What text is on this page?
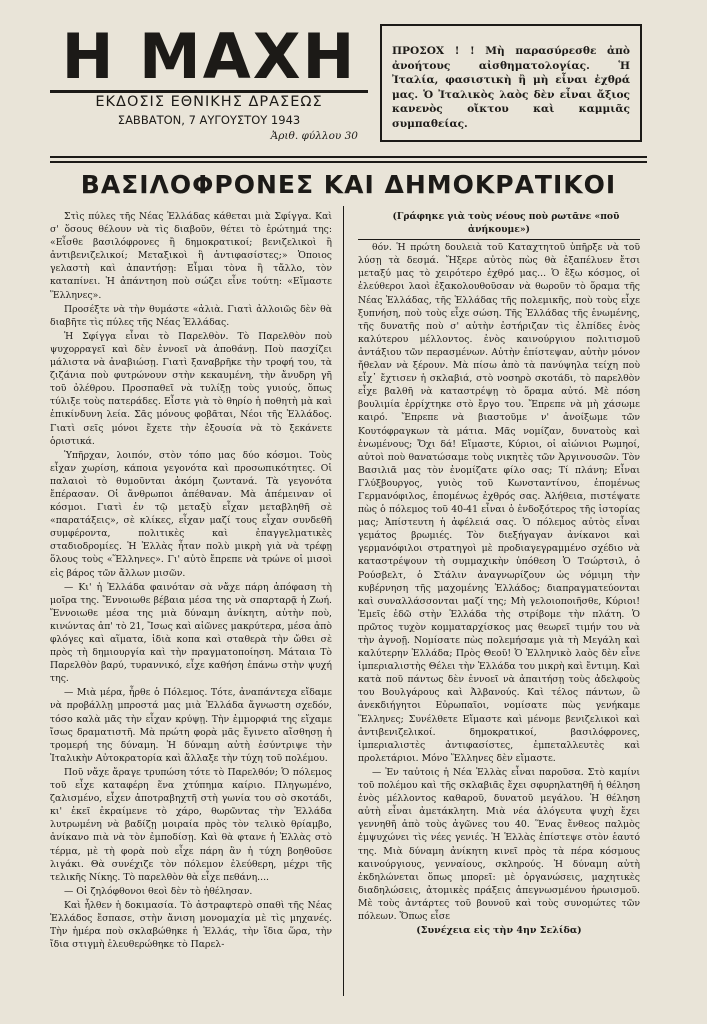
Η ΜΑΧΗ
ΕΚΔΟΣΙΣ ΕΘΝΙΚΗΣ ΔΡΑΣΕΩΣ
ΣΑΒΒΑΤΟΝ, 7 ΑΥΓΟΥΣΤΟΥ 1943
Ἀριθ. φύλλου 30
ΠΡΟΣΟΧ ! ! Μὴ παρασύρεσθε ἀπὸ ἀνοήτους αἰσθηματολογίας. Ἡ Ἰταλία, φασιστικὴ ἢ μὴ εἶναι ἐχθρά μας. Ὁ Ἰταλικὸς λαὸς δὲν εἶναι ἄξιος κανενὸς οἴκτου καὶ καμμιᾶς συμπαθείας.
ΒΑΣΙΛΟΦΡΟΝΕΣ ΚΑΙ ΔΗΜΟΚΡΑΤΙΚΟΙ

Στὶς πύλες τῆς Νέας Ἑλλάδας κάθεται μιὰ Σφίγγα. Καὶ σ' ὅσους θέλουν νὰ τὶς διαβοῦν, θέτει τὸ ἐρώτημά της: «Εἶσθε βασιλόφρονες ἢ δημοκρατικοί; βενιζελικοὶ ἢ ἀντιβενιζελικοί; Μεταξικοὶ ἢ ἀντιφασίστες;» Ὁποιος γελαστὴ καὶ ἀπαντήσῃ: Εἶμαι τὸνα ἢ τἄλλο, τὸν καταπίνει. Ἡ ἀπάντηση ποὺ σώζει εἶνε τούτη: «Εἴμαστε Ἕλληνες».

Προσέξτε νὰ τὴν θυμάστε «ἀλιὰ. Γιατὶ ἀλλοιῶς δὲν θὰ διαβῆτε τὶς πύλες τῆς Νέας Ἑλλάδας.

Ἡ Σφίγγα εἶναι τὸ Παρελθὸν. Τὸ Παρελθὸν ποὺ ψυχορραγεῖ καὶ δὲν ἐννοεῖ νὰ ἀποθάνῃ. Ποὺ πασχίζει μάλιστα νὰ ἀναβιώσῃ. Γιατὶ ξαναβρῆκε τὴν τροφή του, τὰ ζιζάνια ποὺ φυτρώνουν στὴν κεκαυμένη, τὴν ἄνυδρη γῆ τοῦ ὀλέθρου. Προσπαθεῖ νὰ τυλίξῃ τοὺς γυιούς, ὅπως τύλιξε τοὺς πατεράδες. Εἶστε γιὰ τὸ θηρίο ἡ ποθητὴ μὰ καὶ ἐπικίνδυνη λεία. Σᾶς μόνους φοβᾶται, Νέοι τῆς Ἑλλάδος. Γιατὶ σεῖς μόνοι ἔχετε τὴν ἐξουσία νὰ τὸ ξεκάνετε ὁριστικά.

Ὑπῆρχαν, λοιπόν, στὸν τόπο μας δύο κόσμοι. Τοὺς εἶχαν χωρίση, κάποια γεγονότα καὶ προσωπικότητες. Οἱ παλαιοὶ τὸ θυμοῦνται ἀκόμη ζωντανά. Τὰ γεγονότα ἔπέρασαν. Οἱ ἄνθρωποι ἀπέθαναν. Μὰ ἀπέμειναν οἱ κόσμοι. Γιατὶ ἐν τῷ μεταξὺ εἶχαν μεταβληθῆ σὲ «παρατάξεις», σὲ κλίκες, εἶχαν μαζί τους εἶχαν συνδεθῆ συμφέροντα, πολιτικὲς καὶ ἐπαγγελματικὲς σταδιοδρομίες. Ἡ Ἑλλὰς ἦταν πολὺ μικρὴ γιὰ νὰ τρέφῃ ὅλους τοὺς «Ἕλληνες». Γι' αὐτὸ ἔπρεπε νὰ τρώνε οἱ μισοὶ εἰς βάρος τῶν ἄλλων μισῶν.

— Κι' ἡ Ἑλλάδα φαινόταν σὰ νἄχε πάρη ἀπόφαση τὴ μοῖρα της. Ἔννοιωθε βέβαια μέσα της νὰ σπαρταρᾷ ἡ Ζωή. Ἔννοιωθε μέσα της μιὰ δύναμη ἀνίκητη, αὐτὴν ποὺ, κινώντας ἀπ' τὸ 21, Ἴσως καὶ αἰῶνες μακρύτερα, μέσα ἀπὸ φλόγες καὶ αἵματα, ἰδιὰ κοπα καὶ σταθερὰ τὴν ὤθει σὲ πρὸς τὴ δημιουργία καὶ τὴν πραγματοποίηση. Μάταια Τὸ Παρελθὸν βαρύ, τυραννικό, εἶχε καθήση ἐπάνω στὴν ψυχή της.

— Μιὰ μέρα, ἦρθε ὁ Πόλεμος. Τότε, ἀναπάντεχα εἴδαμε νὰ προβάλλῃ μπροστά μας μιὰ Ἑλλάδα ἄγνωστη σχεδόν, τόσο καλὰ μᾶς τὴν εἶχαν κρύψῃ. Τὴν ἐμμορφιά της εἴχαμε ἴσως δραματιστῆ. Μὰ πρώτη φορὰ μᾶς ἔγινετο αἴσθησῃ ἡ τρομερή της δύναμη. Ἡ δύναμη αὐτὴ ἐσύντριψε τὴν Ἰταλικὴν Αὐτοκρατορία καὶ ἄλλαξε τὴν τύχη τοῦ πολέμου.

Ποῦ νἄχε ἄραγε τρυπώση τότε τὸ Παρελθόν; Ὁ πόλεμος τοῦ εἶχε καταφέρη ἕνα χτύπημα καίριο. Πληγωμένο, ζαλισμένο, εἶχεν ἀποτραβηχτῆ στὴ γωνία του σὸ σκοτάδι, κι' ἐκεῖ ἐκραίμενε τὸ χάρο, θωρῶντας τὴν Ἑλλάδα λυτρωμένη νὰ βαδίζῃ μοιραία πρὸς τὸν τελικὸ θρίαμβο, ἀνίκανο πιὰ νὰ τὸν ἐμποδίσῃ. Καὶ θὰ φτανε ἡ Ἑλλὰς στὸ τέρμα, μὲ τὴ φορὰ ποὺ εἶχε πάρη ἂν ἡ τύχη βοηθοῦσε λιγάκι. Θὰ συνέχιζε τὸν πόλεμον ἐλεύθερη, μέχρι τῆς τελικῆς Νίκης. Τὸ παρελθὸν θὰ εἶχε πεθάνη....

— Οἱ ζηλόφθονοι θεοὶ δὲν τὸ ἠθέλησαν.

Καὶ ἦλθεν ἡ δοκιμασία. Τὸ ἀστραφτερὸ σπαθὶ τῆς Νέας Ἑλλάδος ἔσπασε, στὴν ἄνιση μονομαχία μὲ τὶς μηχανές. Τὴν ἡμέρα ποὺ σκλαβώθηκε ἡ Ἑλλάς, τὴν ἴδια ὥρα, τὴν ἴδια στιγμὴ ἐλευθερώθηκε τὸ Παρελ-

(Γράφηκε γιὰ τοὺς νέους ποὺ ρωτᾶνε «ποῦ ἀνήκουμε»)

θόν. Ἡ πρώτη δουλειὰ τοῦ Καταχτητοῦ ὑπῆρξε νὰ τοῦ λύσῃ τὰ δεσμά. Ἤξερε αὐτὸς πὼς θὰ ἐξαπέλυεν ἔτσι μεταξύ μας τὸ χειρότερο ἐχθρό μας... Ὁ ἔξω κόσμος, οἱ ἐλεύθεροι λαοὶ ἐξακολουθοῦσαν νὰ θωροῦν τὸ ὅραμα τῆς Νέας Ἑλλάδας, τῆς Ἑλλάδας τῆς πολεμικῆς, ποὺ τοὺς εἶχε ξυπνήση, ποὺ τοὺς εἶχε σώση. Τῆς Ἑλλάδας τῆς ἑνωμένης, τῆς δυνατῆς ποὺ σ' αὐτὴν ἐστήριζαν τὶς ἐλπίδες ἑνὸς καλύτερου μέλλοντος. ἑνὸς καινούργιου πολιτισμοῦ ἀντάξιου τῶν περασμένων. Αὐτὴν ἐπίστεψαν, αὐτὴν μόνον ἤθελαν νὰ ξέρουν. Μὰ πίσω ἀπὸ τὰ πανύψηλα τείχη ποὺ εἶχ᾽ ἔχτισεν ἡ σκλαβιά, στὸ νοσηρὸ σκοτάδι, τὸ παρελθὸν εἶχε βαλθῆ νὰ καταστρέψῃ τὸ ὅραμα αὐτό. Μὲ πόση βουλιμία ἐρρίχτηκε στὸ ἔργο του. Ἔπρεπε νὰ μὴ χάσωμε καιρό. Ἔπρεπε νὰ βιαστοῦμε ν' ἀνοίξωμε τῶν Κουτόφραγκων τὰ μάτια. Μᾶς νομίζαν, δυνατοὺς καὶ ἑνωμένους; Ὄχι δά! Εἴμαστε, Κύριοι, οἱ αἰώνιοι Ρωμηοί, αὐτοὶ ποὺ θανατώσαμε τοὺς νικητὲς τῶν Ἀργινουσῶν. Τὸν Βασιλιᾶ μας τὸν ἐνομίζατε φίλο σας; Τί πλάνη; Εἶναι Γλύξβουργος, γυιὸς τοῦ Κωνσταντίνου, ἐπομένως Γερμανόφιλος, ἐπομένως ἐχθρός σας. Ἀλήθεια, πιστέψατε πὼς ὁ πόλεμος τοῦ 40-41 εἶναι ὁ ἐνδοξότερος τῆς ἱστορίας μας; Ἀπίστευτη ἡ ἀφέλειά σας. Ὁ πόλεμος αὐτὸς εἶναι γεμάτος βρωμιές. Τὸν διεξήγαγαν ἀνίκανοι καὶ γερμανόφιλοι στρατηγοὶ μὲ προδιαγεγραμμένο σχέδιο νὰ καταστρέψουν τὴ συμμαχικὴν ὑπόθεση Ὁ Τσώρτσιλ, ὁ Ρούσβελτ, ὁ Στάλιν ἀναγνωρίζουν ὡς νόμιμη τὴν κυβέρνηση τῆς μαχομένης Ἑλλάδος; διαπραγματεύονται καὶ συναλλάσσονται μαζί της; Μὴ γελοιοποιῆσθε, Κύριοι! Ἐμεῖς ἐδῶ στὴν Ἑλλάδα τὴς στρίβομε τὴν πλάτη. Ὁ πρῶτος τυχὸν κομματαρχίσκος μας θεωρεῖ τιμήν του νὰ τὴν ἀγνοῇ. Νομίσατε πὼς πολεμήσαμε γιὰ τὴ Μεγάλη καὶ καλύτερην Ἑλλάδα; Πρὸς Θεοῦ! Ὁ Ἑλληνικὸ λαὸς δὲν εἶνε ἰμπεριαλιστὴς Θέλει τὴν Ἑλλάδα του μικρὴ καὶ ἔντιμη. Καὶ κατὰ ποῦ πάντως δὲν ἐννοεῖ νὰ ἀπαιτήσῃ τοὺς ἀδελφοὺς του Βουλγάρους καὶ Ἀλβανούς. Καὶ τέλος πάντων, ὢ ἀνεκδιήγητοι Εὐρωπαῖοι, νομίσατε πὼς γενήκαμε Ἕλληνες; Συνέλθετε Εἴμαστε καὶ μένομε βενιζελικοὶ καὶ ἀντιβενιζελικοί. δημοκρατικοί, βασιλόφρονες, ἰμπεριαλιστὲς ἀντιφασίστες, ἐμπεταλλευτὲς καὶ προλετάριοι. Μόνο Ἕλληνες δὲν εἴμαστε.

— Ἐν ταὐτοις ἡ Νέα Ἑλλὰς εἶναι παροῦσα. Στὸ καμίνι τοῦ πολέμου καὶ τῆς σκλαβιᾶς ἔχει σφυρηλατηθῆ ἡ θέληση ἑνὸς μέλλοντος καθαροῦ, δυνατοῦ μεγάλου. Ἡ θέληση αὐτὴ εἶναι ἀμετάκλητη. Μιὰ νέα ἀλόγευτα ψυχὴ ἔχει γεννηθῆ ἀπὸ τοὺς ἀγῶνες του 40. Ἕνας ἔνθεος παλμὸς ἐμψυχώνει τὶς νέες γενιές. Ἡ Ἑλλὰς ἐπίστεψε στὸν ἑαυτό της. Μιὰ δύναμη ἀνίκητη κινεῖ πρὸς τὰ πέρα κόσμους καινούργιους, γενναίους, σκληρούς. Ἡ δύναμη αὐτὴ ἐκδηλώνεται ὅπως μπορεῖ: μὲ ὀργανώσεις, μαχητικὲς διαδηλώσεις, ἀτομικὲς πράξεις ἀπεγνωσμένου ἡρωισμοῦ. Μὲ τοὺς ἀντάρτες τοῦ βουνοῦ καὶ τοὺς συνομώτες τῶν πόλεων. Ὅπως εἶσε

(Συνέχεια εἰς τὴν 4ην Σελίδα)
